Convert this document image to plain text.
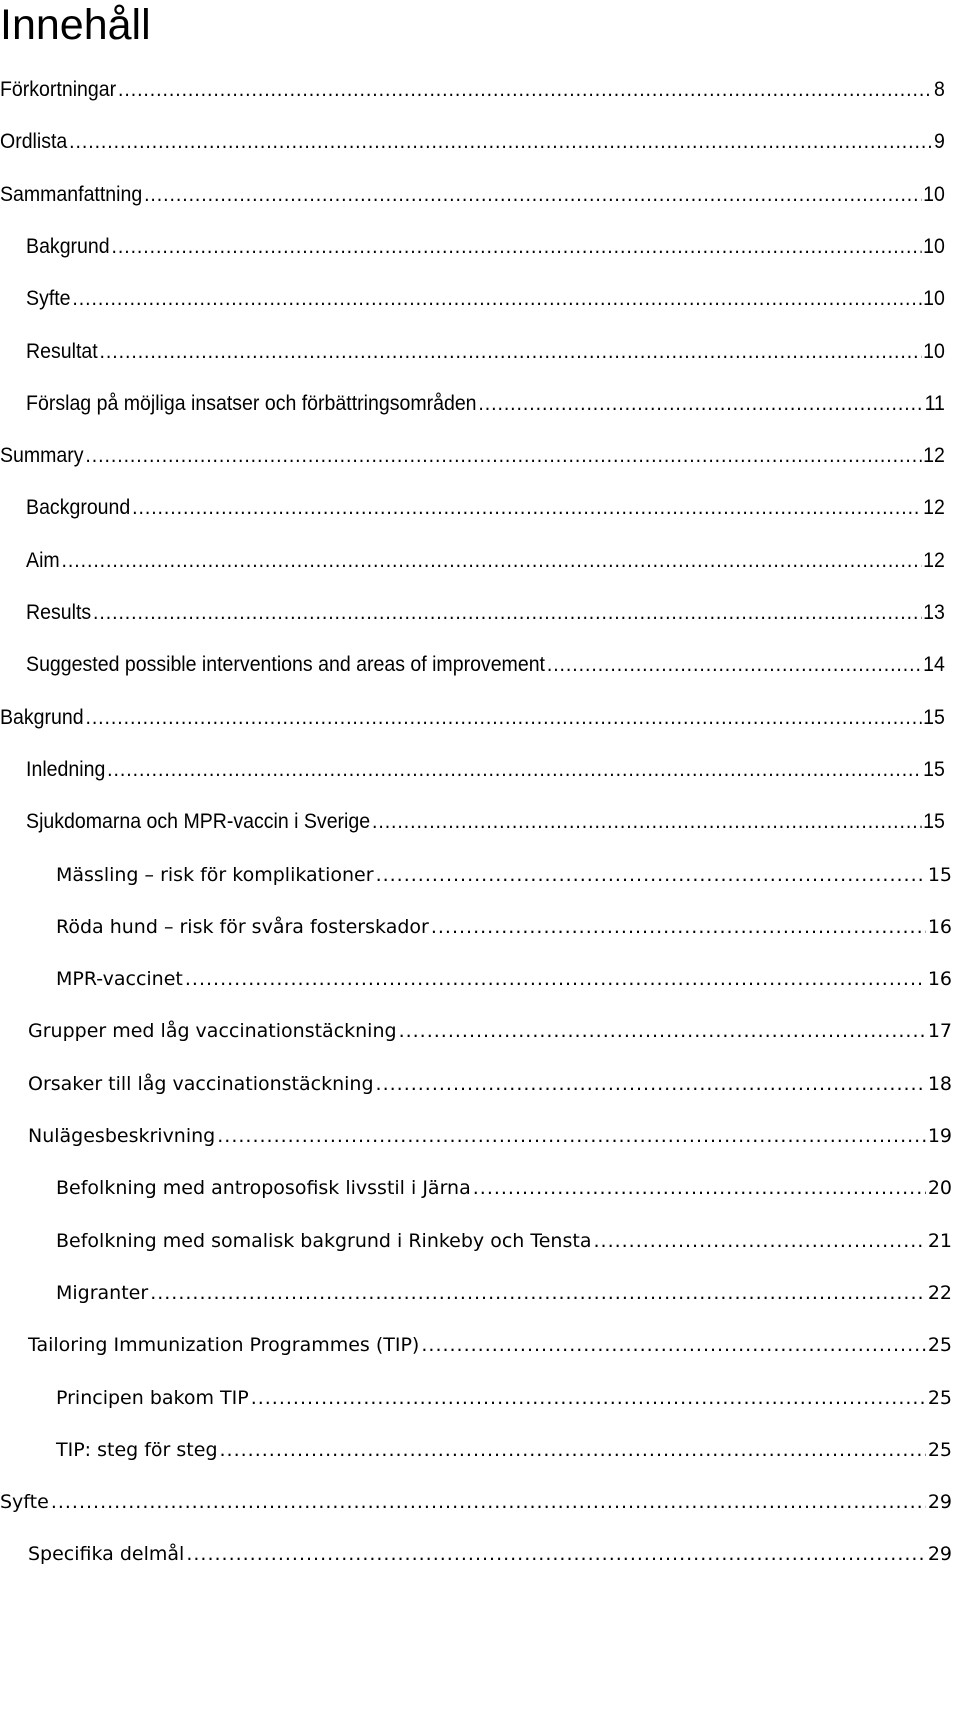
Innehåll
Förkortningar .....	8
Ordlista .....	9
Sammanfattning .....	10
Bakgrund .....	10
Syfte .....	10
Resultat .....	10
Förslag på möjliga insatser och förbättringsområden .....	11
Summary .....	12
Background .....	12
Aim .....	12
Results .....	13
Suggested possible interventions and areas of improvement .....	14
Bakgrund .....	15
Inledning .....	15
Sjukdomarna och MPR-vaccin i Sverige .....	15
Mässling – risk för komplikationer .....	15
Röda hund – risk för svåra fosterskador .....	16
MPR-vaccinet .....	16
Grupper med låg vaccinationstäckning .....	17
Orsaker till låg vaccinationstäckning .....	18
Nulägesbeskrivning .....	19
Befolkning med antroposofisk livsstil i Järna .....	20
Befolkning med somalisk bakgrund i Rinkeby och Tensta .....	21
Migranter .....	22
Tailoring Immunization Programmes (TIP) .....	25
Principen bakom TIP .....	25
TIP: steg för steg .....	25
Syfte .....	29
Specifika delmål .....	29
